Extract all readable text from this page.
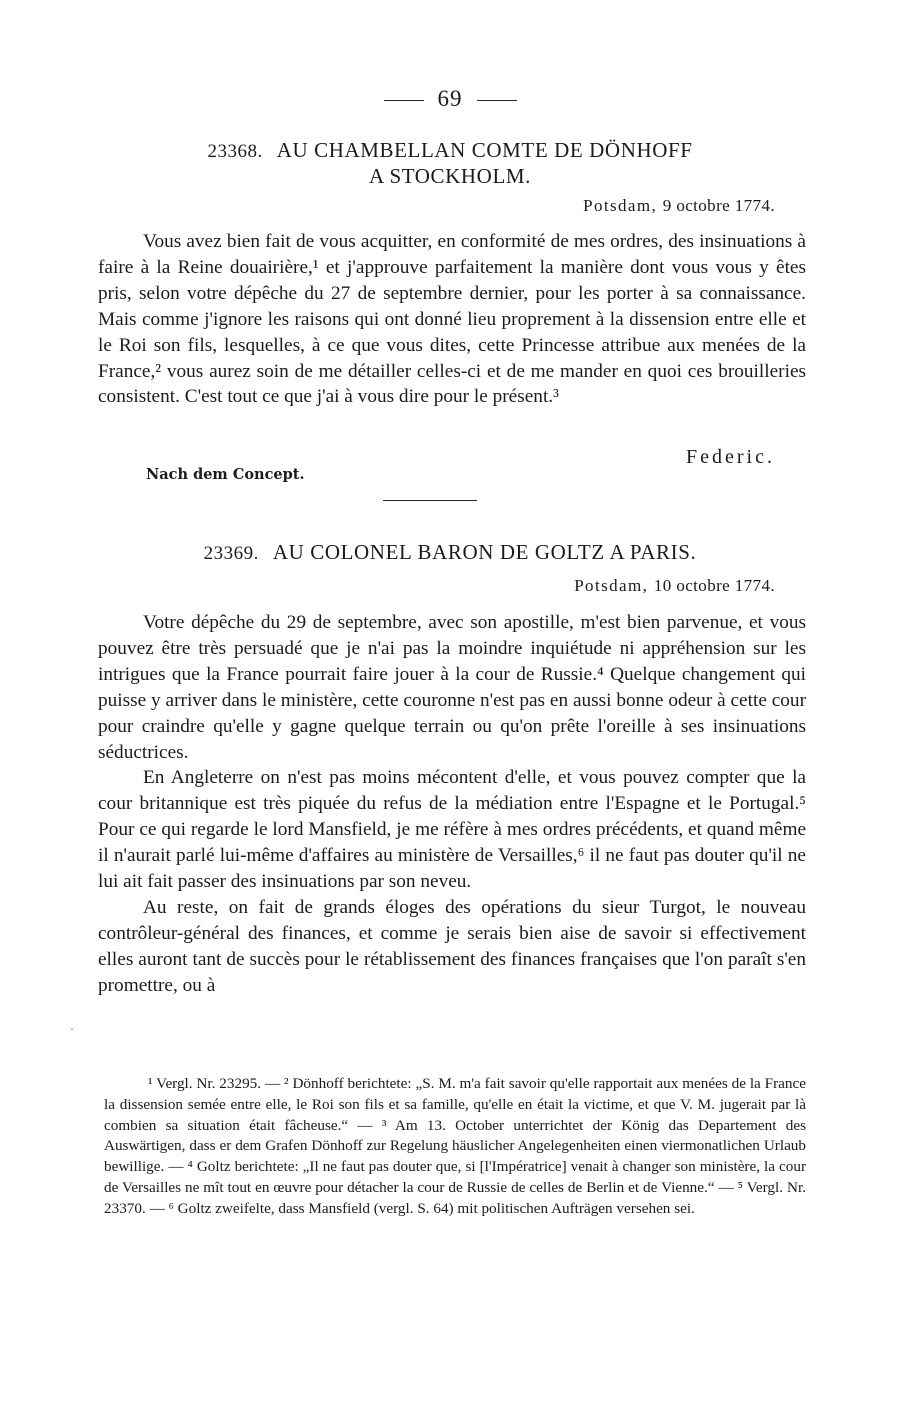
69
23368. AU CHAMBELLAN COMTE DE DÖNHOFF
A STOCKHOLM.
Potsdam, 9 octobre 1774.

Vous avez bien fait de vous acquitter, en conformité de mes ordres, des insinuations à faire à la Reine douairière,¹ et j'approuve parfaitement la manière dont vous vous y êtes pris, selon votre dépêche du 27 de septembre dernier, pour les porter à sa connaissance. Mais comme j'ignore les raisons qui ont donné lieu proprement à la dissension entre elle et le Roi son fils, lesquelles, à ce que vous dites, cette Princesse attribue aux menées de la France,² vous aurez soin de me détailler celles-ci et de me mander en quoi ces brouilleries consistent. C'est tout ce que j'ai à vous dire pour le présent.³

Federic.
Nach dem Concept.
23369. AU COLONEL BARON DE GOLTZ A PARIS.
Potsdam, 10 octobre 1774.

Votre dépêche du 29 de septembre, avec son apostille, m'est bien parvenue, et vous pouvez être très persuadé que je n'ai pas la moindre inquiétude ni appréhension sur les intrigues que la France pourrait faire jouer à la cour de Russie.⁴ Quelque changement qui puisse y arriver dans le ministère, cette couronne n'est pas en aussi bonne odeur à cette cour pour craindre qu'elle y gagne quelque terrain ou qu'on prête l'oreille à ses insinuations séductrices.

En Angleterre on n'est pas moins mécontent d'elle, et vous pouvez compter que la cour britannique est très piquée du refus de la médiation entre l'Espagne et le Portugal.⁵ Pour ce qui regarde le lord Mansfield, je me réfère à mes ordres précédents, et quand même il n'aurait parlé lui-même d'affaires au ministère de Versailles,⁶ il ne faut pas douter qu'il ne lui ait fait passer des insinuations par son neveu.

Au reste, on fait de grands éloges des opérations du sieur Turgot, le nouveau contrôleur-général des finances, et comme je serais bien aise de savoir si effectivement elles auront tant de succès pour le rétablissement des finances françaises que l'on paraît s'en promettre, ou à

·

¹ Vergl. Nr. 23295. — ² Dönhoff berichtete: „S. M. m'a fait savoir qu'elle rapportait aux menées de la France la dissension semée entre elle, le Roi son fils et sa famille, qu'elle en était la victime, et que V. M. jugerait par là combien sa situation était fâcheuse.“ — ³ Am 13. October unterrichtet der König das Departement des Auswärtigen, dass er dem Grafen Dönhoff zur Regelung häuslicher Angelegenheiten einen viermonatlichen Urlaub bewillige. — ⁴ Goltz berichtete: „Il ne faut pas douter que, si [l'Impératrice] venait à changer son ministère, la cour de Versailles ne mît tout en œuvre pour détacher la cour de Russie de celles de Berlin et de Vienne.“ — ⁵ Vergl. Nr. 23370. — ⁶ Goltz zweifelte, dass Mansfield (vergl. S. 64) mit politischen Aufträgen versehen sei.
